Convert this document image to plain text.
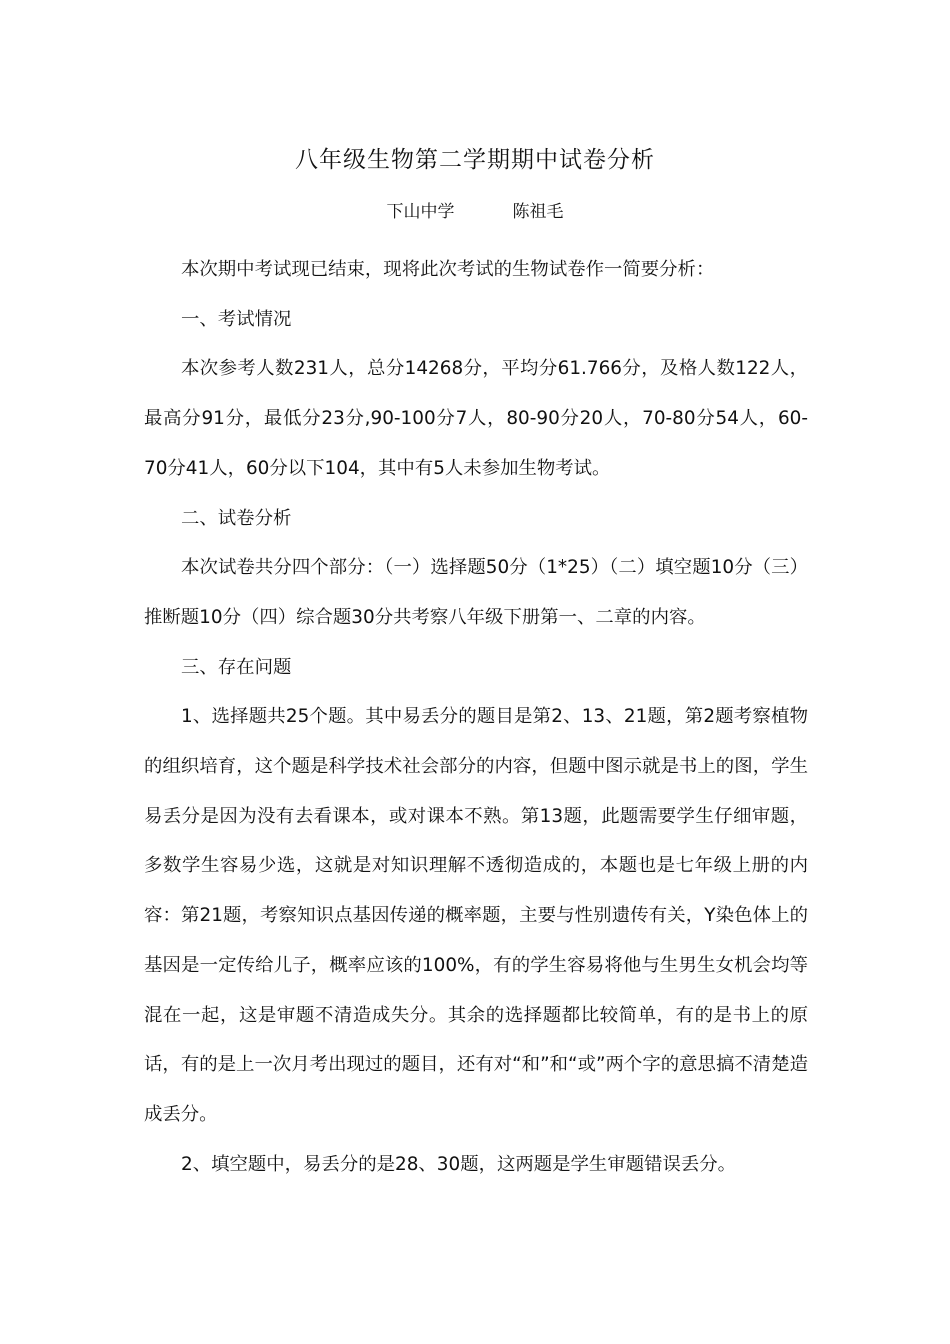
八年级生物第二学期期中试卷分析
下山中学	陈祖毛

本次期中考试现已结束，现将此次考试的生物试卷作一简要分析：

一、考试情况

本次参考人数231人，总分14268分，平均分61.766分，及格人数122人，最高分91分，最低分23分,90-100分7人，80-90分20人，70-80分54人，60-70分41人，60分以下104，其中有5人未参加生物考试。

二、试卷分析

本次试卷共分四个部分：（一）选择题50分（1*25）（二）填空题10分（三）推断题10分（四）综合题30分共考察八年级下册第一、二章的内容。

三、存在问题

1、选择题共25个题。其中易丢分的题目是第2、13、21题，第2题考察植物的组织培育，这个题是科学技术社会部分的内容，但题中图示就是书上的图，学生易丢分是因为没有去看课本，或对课本不熟。第13题，此题需要学生仔细审题，多数学生容易少选，这就是对知识理解不透彻造成的，本题也是七年级上册的内容：第21题，考察知识点基因传递的概率题，主要与性别遗传有关，Y染色体上的基因是一定传给儿子，概率应该的100%，有的学生容易将他与生男生女机会均等混在一起，这是审题不清造成失分。其余的选择题都比较简单，有的是书上的原话，有的是上一次月考出现过的题目，还有对“和”和“或”两个字的意思搞不清楚造成丢分。

2、填空题中，易丢分的是28、30题，这两题是学生审题错误丢分。
